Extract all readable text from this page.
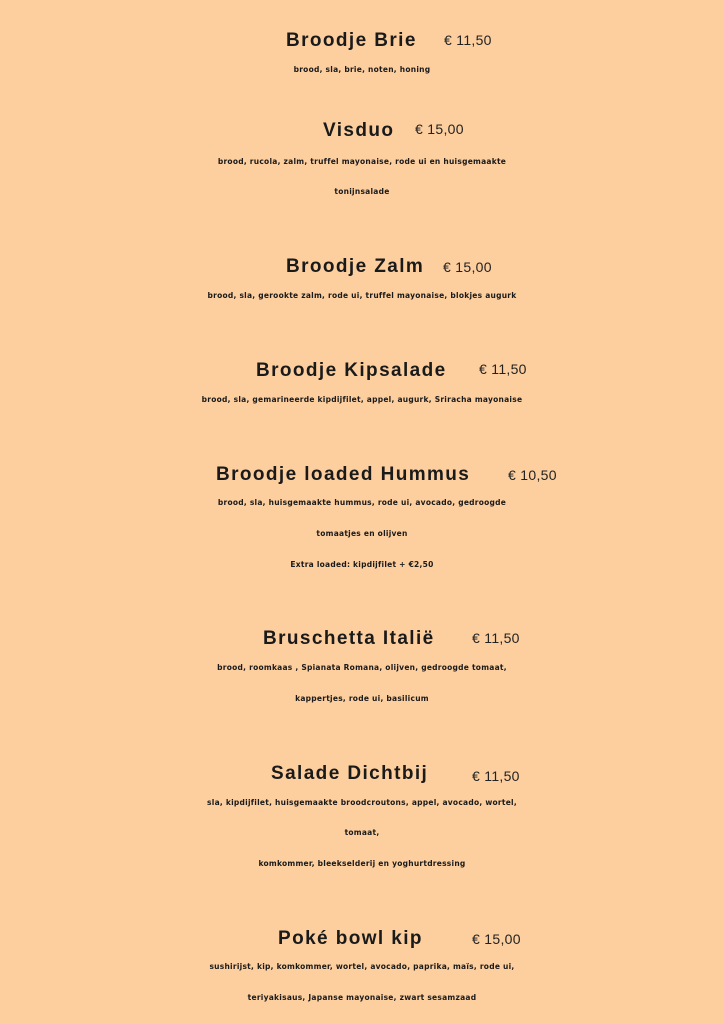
Broodje Brie € 11,50
brood, sla, brie, noten, honing
Visduo € 15,00
brood, rucola, zalm, truffel mayonaise, rode ui en huisgemaakte
tonijnsalade
Broodje Zalm € 15,00
brood, sla, gerookte zalm, rode ui, truffel mayonaise, blokjes augurk
Broodje Kipsalade € 11,50
brood, sla, gemarineerde kipdijfilet, appel, augurk, Sriracha mayonaise
Broodje loaded Hummus	€ 10,50
brood, sla, huisgemaakte hummus, rode ui, avocado, gedroogde
tomaatjes en olijven
Extra loaded: kipdijfilet + €2,50
Bruschetta Italië	€ 11,50
brood, roomkaas , Spianata Romana, olijven, gedroogde tomaat,
kappertjes, rode ui, basilicum
Salade Dichtbij	€ 11,50
sla, kipdijfilet, huisgemaakte broodcroutons, appel, avocado, wortel,
tomaat,
komkommer, bleekselderij en yoghurtdressing
Poké bowl kip	€ 15,00
sushirijst, kip, komkommer, wortel, avocado, paprika, maïs, rode ui,
teriyakisaus, Japanse mayonaise, zwart sesamzaad
